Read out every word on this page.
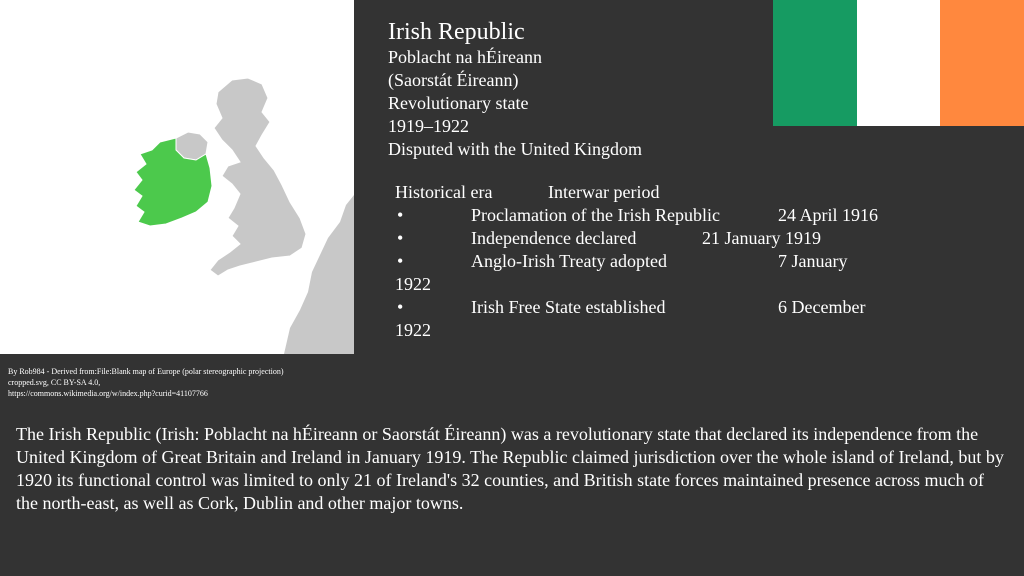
By Rob984 - Derived from:File:Blank map of Europe (polar stereographic projection)
cropped.svg, CC BY-SA 4.0,
https://commons.wikimedia.org/w/index.php?curid=41107766
Irish Republic
Poblacht na hÉireann
(Saorstát Éireann)
Revolutionary state
1919–1922
Disputed with the United Kingdom
Historical era	Interwar period
•	Proclamation of the Irish Republic	24 April 1916
•	Independence declared	21 January 1919
•	Anglo-Irish Treaty adopted	7 January
1922
•	Irish Free State established	6 December
1922
The Irish Republic (Irish: Poblacht na hÉireann or Saorstát Éireann) was a revolutionary state that declared its independence from the United Kingdom of Great Britain and Ireland in January 1919. The Republic claimed jurisdiction over the whole island of Ireland, but by 1920 its functional control was limited to only 21 of Ireland's 32 counties, and British state forces maintained presence across much of the north-east, as well as Cork, Dublin and other major towns.
